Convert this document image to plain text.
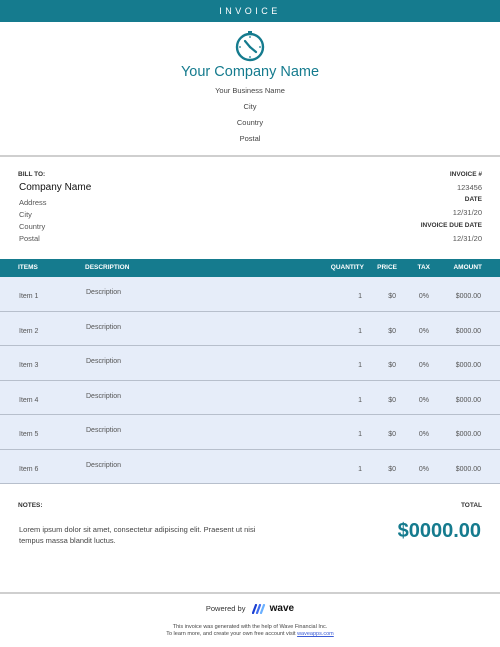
INVOICE
Your Company Name
Your Business Name
City
Country
Postal
BILL TO:
Company Name
Address
City
Country
Postal
INVOICE #
123456
DATE
12/31/20
INVOICE DUE DATE
12/31/20
ITEMS	DESCRIPTION	QUANTITY PRICE	TAX	AMOUNT
Item 1
Description
1	$0	0%	$000.00
Item 2
Description
1	$0	0%	$000.00
Item 3
Description
1	$0	0%	$000.00
Item 4
Description
1	$0	0%	$000.00
Item 5
Description
1	$0	0%	$000.00
Item 6
Description
1	$0	0%	$000.00
NOTES:
Lorem ipsum dolor sit amet, consectetur adipiscing elit. Praesent ut nisi tempus massa blandit luctus.
TOTAL
$0000.00
Powered by wave
This invoice was generated with the help of Wave Financial Inc.
To learn more, and create your own free account visit waveapps.com
